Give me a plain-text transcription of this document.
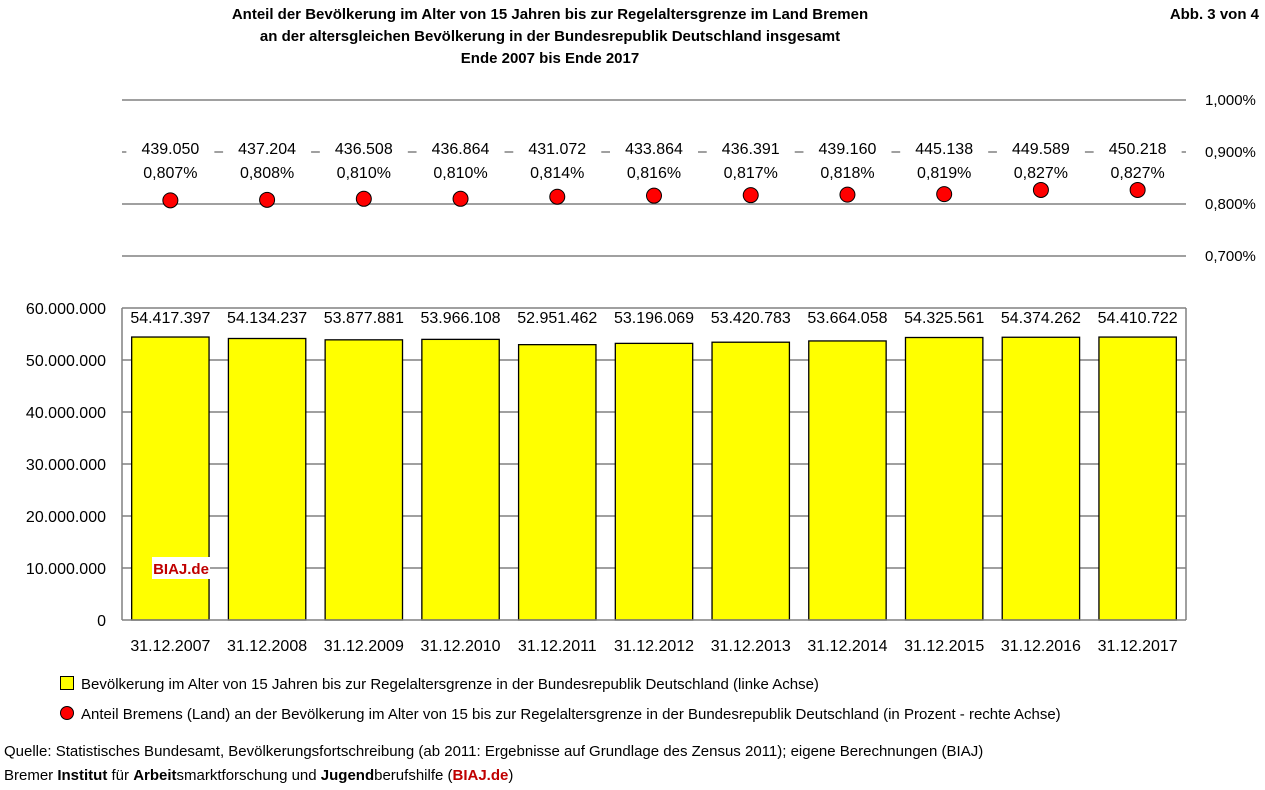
Anteil der Bevölkerung im Alter von 15 Jahren bis zur Regelaltersgrenze im Land Bremen
an der altersgleichen Bevölkerung in der Bundesrepublik Deutschland insgesamt
Ende 2007 bis Ende 2017
Abb. 3 von 4
0,700%
0,800%
0,900%
1,000%
439.050
0,807%
437.204
0,808%
436.508
0,810%
436.864
0,810%
431.072
0,814%
433.864
0,816%
436.391
0,817%
439.160
0,818%
445.138
0,819%
449.589
0,827%
450.218
0,827%
0
10.000.000
20.000.000
30.000.000
40.000.000
50.000.000
60.000.000
54.417.397
31.12.2007
54.134.237
31.12.2008
53.877.881
31.12.2009
53.966.108
31.12.2010
52.951.462
31.12.2011
53.196.069
31.12.2012
53.420.783
31.12.2013
53.664.058
31.12.2014
54.325.561
31.12.2015
54.374.262
31.12.2016
54.410.722
31.12.2017
BIAJ.de
Bevölkerung im Alter von 15 Jahren bis zur Regelaltersgrenze in der Bundesrepublik Deutschland (linke Achse)
Anteil Bremens (Land) an der Bevölkerung im Alter von 15 bis zur Regelaltersgrenze in der Bundesrepublik Deutschland (in Prozent - rechte Achse)
Quelle: Statistisches Bundesamt, Bevölkerungsfortschreibung (ab 2011: Ergebnisse auf Grundlage des Zensus 2011); eigene Berechnungen (BIAJ)
Bremer Institut für Arbeitsmarktforschung und Jugendberufshilfe (BIAJ.de)
